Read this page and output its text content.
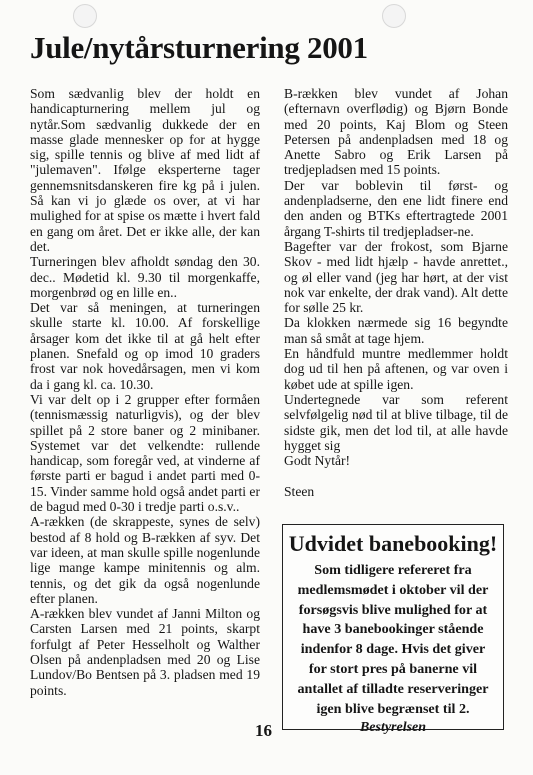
Jule/nytårsturnering 2001

Som sædvanlig blev der holdt en handicapturnering mellem jul og nytår.Som sædvanlig dukkede der en masse glade mennesker op for at hygge sig, spille tennis og blive af med lidt af "julemaven". Ifølge eksperterne tager gennemsnitsdanskeren fire kg på i julen. Så kan vi jo glæde os over, at vi har mulighed for at spise os mætte i hvert fald en gang om året. Det er ikke alle, der kan det.

Turneringen blev afholdt søndag den 30. dec.. Mødetid kl. 9.30 til morgenkaffe, morgenbrød og en lille en..

Det var så meningen, at turneringen skulle starte kl. 10.00. Af forskellige årsager kom det ikke til at gå helt efter planen. Snefald og op imod 10 graders frost var nok hovedårsagen, men vi kom da i gang kl. ca. 10.30.

Vi var delt op i 2 grupper efter formåen (tennismæssig naturligvis), og der blev spillet på 2 store baner og 2 minibaner. Systemet var det velkendte: rullende handicap, som foregår ved, at vinderne af første parti er bagud i andet parti med 0-15. Vinder samme hold også andet parti er de bagud med 0-30 i tredje parti o.s.v..

A-rækken (de skrappeste, synes de selv) bestod af 8 hold og B-rækken af syv. Det var ideen, at man skulle spille nogenlunde lige mange kampe minitennis og alm. tennis, og det gik da også nogenlunde efter planen.

A-rækken blev vundet af Janni Milton og Carsten Larsen med 21 points, skarpt forfulgt af Peter Hesselholt og Walther Olsen på andenpladsen med 20 og Lise Lundov/Bo Bentsen på 3. pladsen med 19 points.

B-rækken blev vundet af Johan (efternavn overflødig) og Bjørn Bonde med 20 points, Kaj Blom og Steen Petersen på andenpladsen med 18 og Anette Sabro og Erik Larsen på tredjepladsen med 15 points.

Der var boblevin til først- og andenpladserne, den ene lidt finere end den anden og BTKs eftertragtede 2001 årgang T-shirts til tredjepladser-ne.

Bagefter var der frokost, som Bjarne Skov - med lidt hjælp - havde anrettet., og øl eller vand (jeg har hørt, at der vist nok var enkelte, der drak vand). Alt dette for sølle 25 kr.

Da klokken nærmede sig 16 begyndte man så småt at tage hjem.

En håndfuld muntre medlemmer holdt dog ud til hen på aftenen, og var oven i købet ude at spille igen.

Undertegnede var som referent selvfølgelig nød til at blive tilbage, til de sidste gik, men det lod til, at alle havde hygget sig

Godt Nytår!

Steen

Udvidet banebooking!
Som tidligere refereret fra medlemsmødet i oktober vil der forsøgsvis blive mulighed for at have 3 banebookinger stående indenfor 8 dage. Hvis det giver for stort pres på banerne vil antallet af tilladte reserveringer igen blive begrænset til 2.
Bestyrelsen
16
